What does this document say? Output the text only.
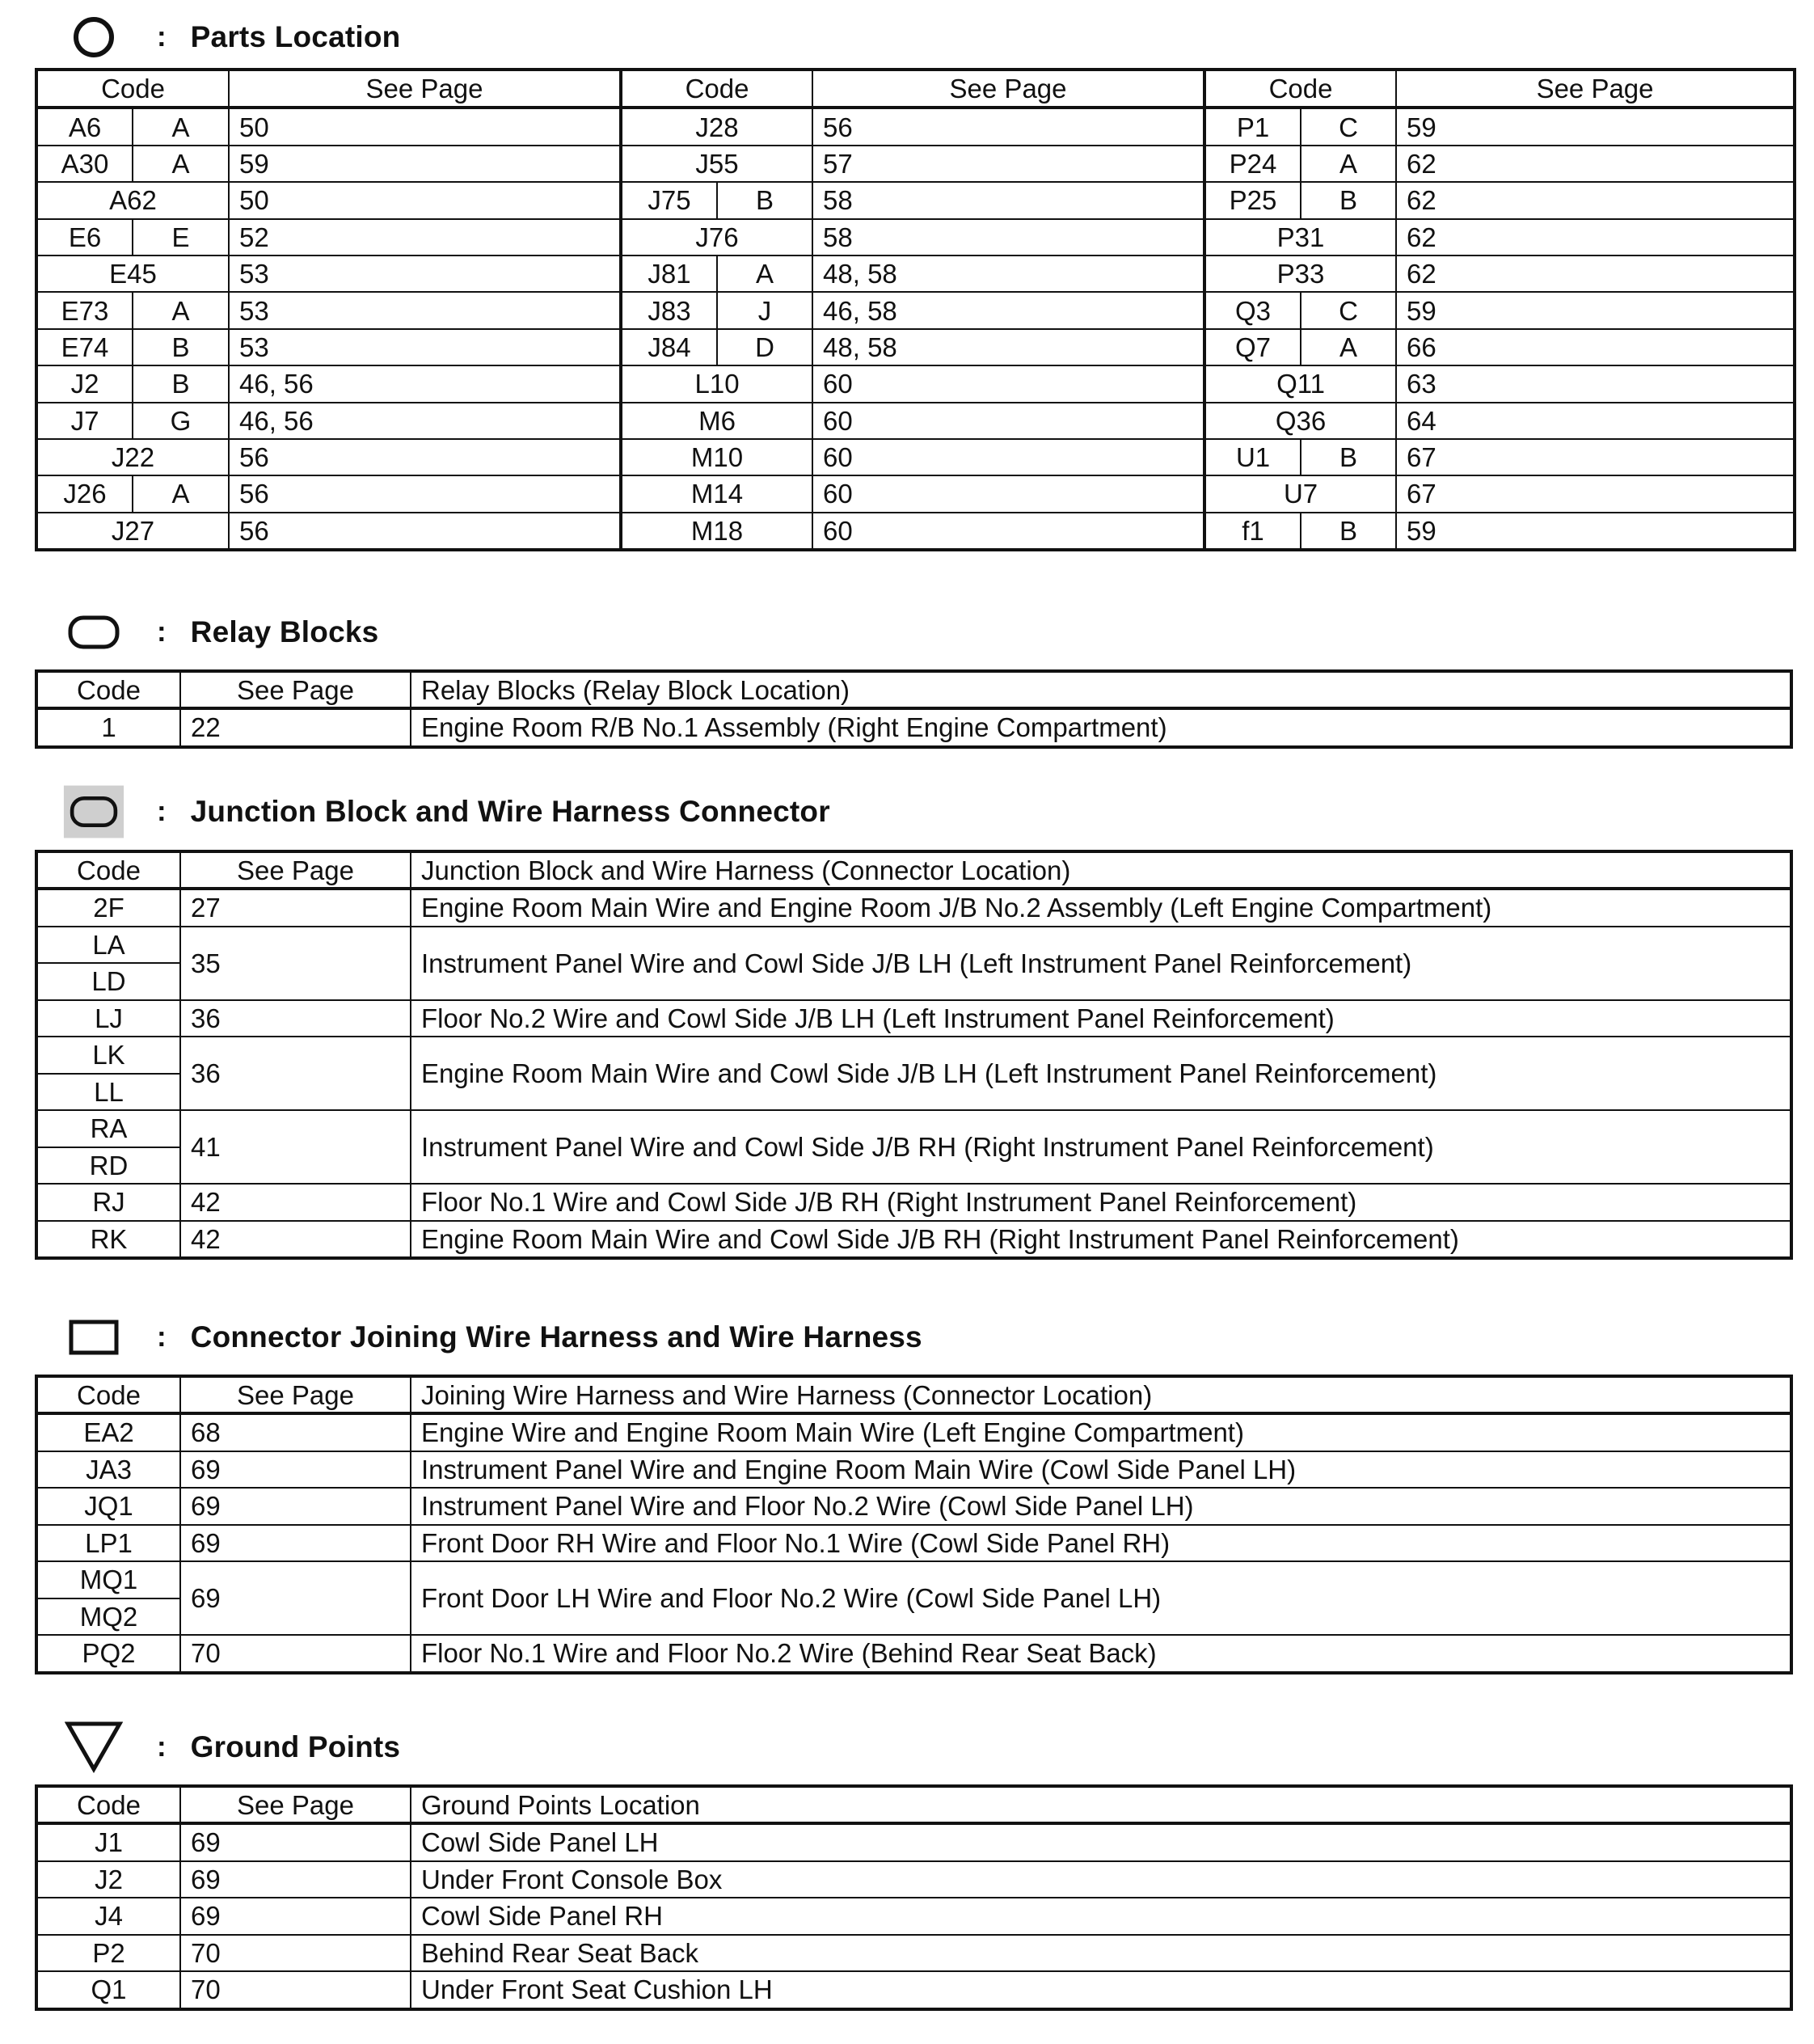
: Parts Location
Code		See Page	Code		See Page	Code		See Page
A6	A	50	J28		56	P1	C	59
A30	A	59	J55		57	P24	A	62
A62		50	J75	B	58	P25	B	62
E6	E	52	J76		58	P31		62
E45		53	J81	A	48, 58	P33		62
E73	A	53	J83	J	46, 58	Q3	C	59
E74	B	53	J84	D	48, 58	Q7	A	66
J2	B	46, 56	L10		60	Q11		63
J7	G	46, 56	M6		60	Q36		64
J22		56	M10		60	U1	B	67
J26	A	56	M14		60	U7		67
J27		56	M18		60	f1	B	59
: Relay Blocks
Code	See Page	Relay Blocks (Relay Block Location)
1	22	Engine Room R/B No.1 Assembly (Right Engine Compartment)
: Junction Block and Wire Harness Connector
Code	See Page	Junction Block and Wire Harness (Connector Location)
2F	27	Engine Room Main Wire and Engine Room J/B No.2 Assembly (Left Engine Compartment)
LA	35	Instrument Panel Wire and Cowl Side J/B LH (Left Instrument Panel Reinforcement)
LD		
LJ	36	Floor No.2 Wire and Cowl Side J/B LH (Left Instrument Panel Reinforcement)
LK	36	Engine Room Main Wire and Cowl Side J/B LH (Left Instrument Panel Reinforcement)
LL		
RA	41	Instrument Panel Wire and Cowl Side J/B RH (Right Instrument Panel Reinforcement)
RD		
RJ	42	Floor No.1 Wire and Cowl Side J/B RH (Right Instrument Panel Reinforcement)
RK	42	Engine Room Main Wire and Cowl Side J/B RH (Right Instrument Panel Reinforcement)
: Connector Joining Wire Harness and Wire Harness
Code	See Page	Joining Wire Harness and Wire Harness (Connector Location)
EA2	68	Engine Wire and Engine Room Main Wire (Left Engine Compartment)
JA3	69	Instrument Panel Wire and Engine Room Main Wire (Cowl Side Panel LH)
JQ1	69	Instrument Panel Wire and Floor No.2 Wire (Cowl Side Panel LH)
LP1	69	Front Door RH Wire and Floor No.1 Wire (Cowl Side Panel RH)
MQ1	69	Front Door LH Wire and Floor No.2 Wire (Cowl Side Panel LH)
MQ2		
PQ2	70	Floor No.1 Wire and Floor No.2 Wire (Behind Rear Seat Back)
: Ground Points
Code	See Page	Ground Points Location
J1	69	Cowl Side Panel LH
J2	69	Under Front Console Box
J4	69	Cowl Side Panel RH
P2	70	Behind Rear Seat Back
Q1	70	Under Front Seat Cushion LH
